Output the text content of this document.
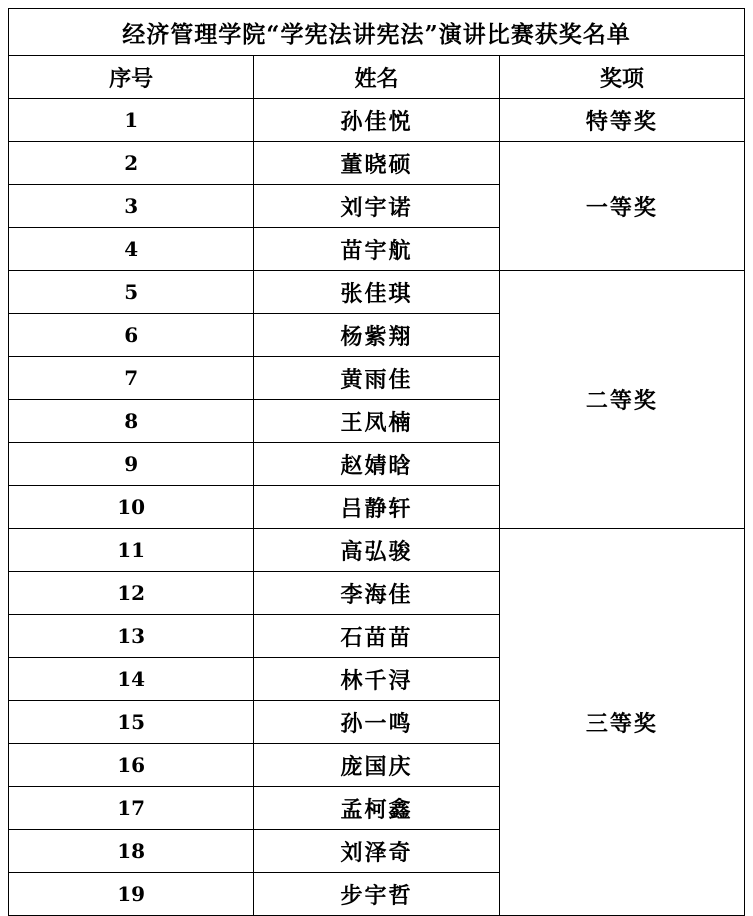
经济管理学院“学宪法讲宪法”演讲比赛获奖名单		
序号	姓名	奖项
1	孙佳悦	特等奖
2	董晓硕	一等奖
3	刘宇诺	
4	苗宇航	
5	张佳琪	二等奖
6	杨紫翔	
7	黄雨佳	
8	王凤楠	
9	赵婧晗	
10	吕静轩	
11	高弘骏	三等奖
12	李海佳	
13	石苗苗	
14	林千浔	
15	孙一鸣	
16	庞国庆	
17	孟柯鑫	
18	刘泽奇	
19	步宇哲	
